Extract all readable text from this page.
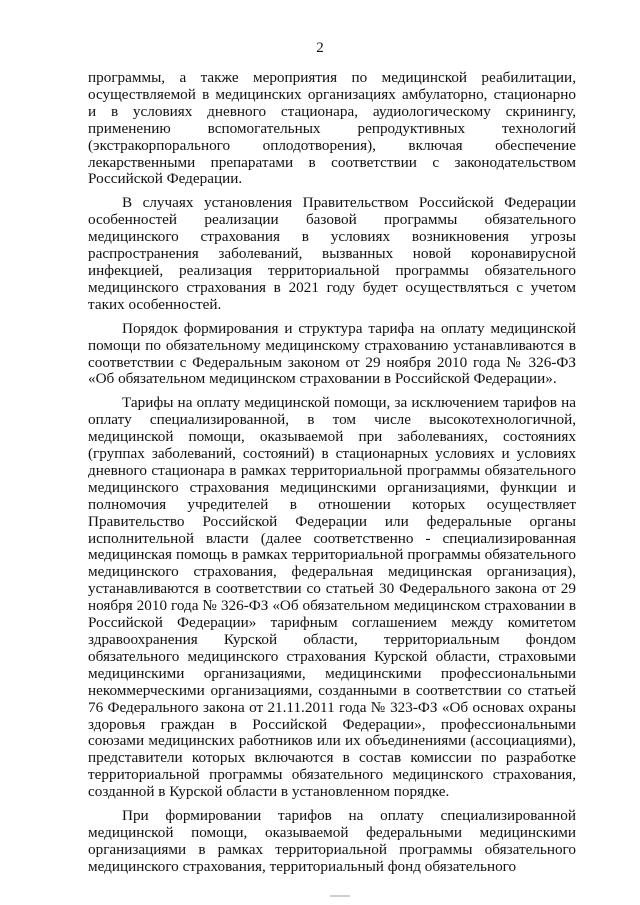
2

программы, а также мероприятия по медицинской реабилитации, осуществляемой в медицинских организациях амбулаторно, стационарно и в условиях дневного стационара, аудиологическому скринингу, применению вспомогательных репродуктивных технологий (экстракорпорального оплодотворения), включая обеспечение лекарственными препаратами в соответствии с законодательством Российской Федерации.

В случаях установления Правительством Российской Федерации особенностей реализации базовой программы обязательного медицинского страхования в условиях возникновения угрозы распространения заболеваний, вызванных новой коронавирусной инфекцией, реализация территориальной программы обязательного медицинского страхования в 2021 году будет осуществляться с учетом таких особенностей.

Порядок формирования и структура тарифа на оплату медицинской помощи по обязательному медицинскому страхованию устанавливаются в соответствии с Федеральным законом от 29 ноября 2010 года № 326-ФЗ «Об обязательном медицинском страховании в Российской Федерации».

Тарифы на оплату медицинской помощи, за исключением тарифов на оплату специализированной, в том числе высокотехнологичной, медицинской помощи, оказываемой при заболеваниях, состояниях (группах заболеваний, состояний) в стационарных условиях и условиях дневного стационара в рамках территориальной программы обязательного медицинского страхования медицинскими организациями, функции и полномочия учредителей в отношении которых осуществляет Правительство Российской Федерации или федеральные органы исполнительной власти (далее соответственно - специализированная медицинская помощь в рамках территориальной программы обязательного медицинского страхования, федеральная медицинская организация), устанавливаются в соответствии со статьей 30 Федерального закона от 29 ноября 2010 года № 326-ФЗ «Об обязательном медицинском страховании в Российской Федерации» тарифным соглашением между комитетом здравоохранения Курской области, территориальным фондом обязательного медицинского страхования Курской области, страховыми медицинскими организациями, медицинскими профессиональными некоммерческими организациями, созданными в соответствии со статьей 76 Федерального закона от 21.11.2011 года № 323-ФЗ «Об основах охраны здоровья граждан в Российской Федерации», профессиональными союзами медицинских работников или их объединениями (ассоциациями), представители которых включаются в состав комиссии по разработке территориальной программы обязательного медицинского страхования, созданной в Курской области в установленном порядке.

При формировании тарифов на оплату специализированной медицинской помощи, оказываемой федеральными медицинскими организациями в рамках территориальной программы обязательного медицинского страхования, территориальный фонд обязательного
